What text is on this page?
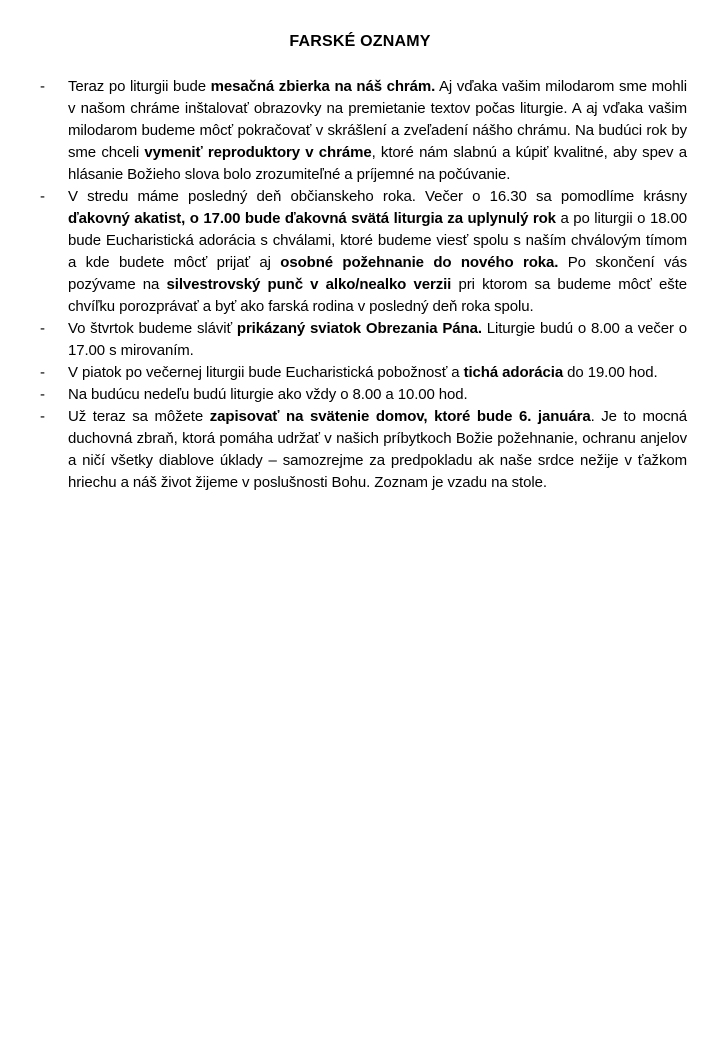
FARSKÉ OZNAMY
-	Teraz po liturgii bude mesačná zbierka na náš chrám. Aj vďaka vašim milodarom sme mohli v našom chráme inštalovať obrazovky na premietanie textov počas liturgie. A aj vďaka vašim milodarom budeme môcť pokračovať v skrášlení a zveľadení nášho chrámu. Na budúci rok by sme chceli vymeniť reproduktory v chráme, ktoré nám slabnú a kúpiť kvalitné, aby spev a hlásanie Božieho slova bolo zrozumiteľné a príjemné na počúvanie.
-	V stredu máme posledný deň občianskeho roka. Večer o 16.30 sa pomodlíme krásny ďakovný akatist, o 17.00 bude ďakovná svätá liturgia za uplynulý rok a po liturgii o 18.00 bude Eucharistická adorácia s chválami, ktoré budeme viesť spolu s naším chválovým tímom a kde budete môcť prijať aj osobné požehnanie do nového roka. Po skončení vás pozývame na silvestrovský punč v alko/nealko verzii pri ktorom sa budeme môcť ešte chvíľku porozprávať a byť ako farská rodina v posledný deň roka spolu.
-	Vo štvrtok budeme sláviť prikázaný sviatok Obrezania Pána. Liturgie budú o 8.00 a večer o 17.00 s mirovaním.
-	V piatok po večernej liturgii bude Eucharistická pobožnosť a tichá adorácia do 19.00 hod.
-	Na budúcu nedeľu budú liturgie ako vždy o 8.00 a 10.00 hod.
-	Už teraz sa môžete zapisovať na svätenie domov, ktoré bude 6. januára. Je to mocná duchovná zbraň, ktorá pomáha udržať v našich príbytkoch Božie požehnanie, ochranu anjelov a ničí všetky diablove úklady – samozrejme za predpokladu ak naše srdce nežije v ťažkom hriechu a náš život žijeme v poslušnosti Bohu. Zoznam je vzadu na stole.
